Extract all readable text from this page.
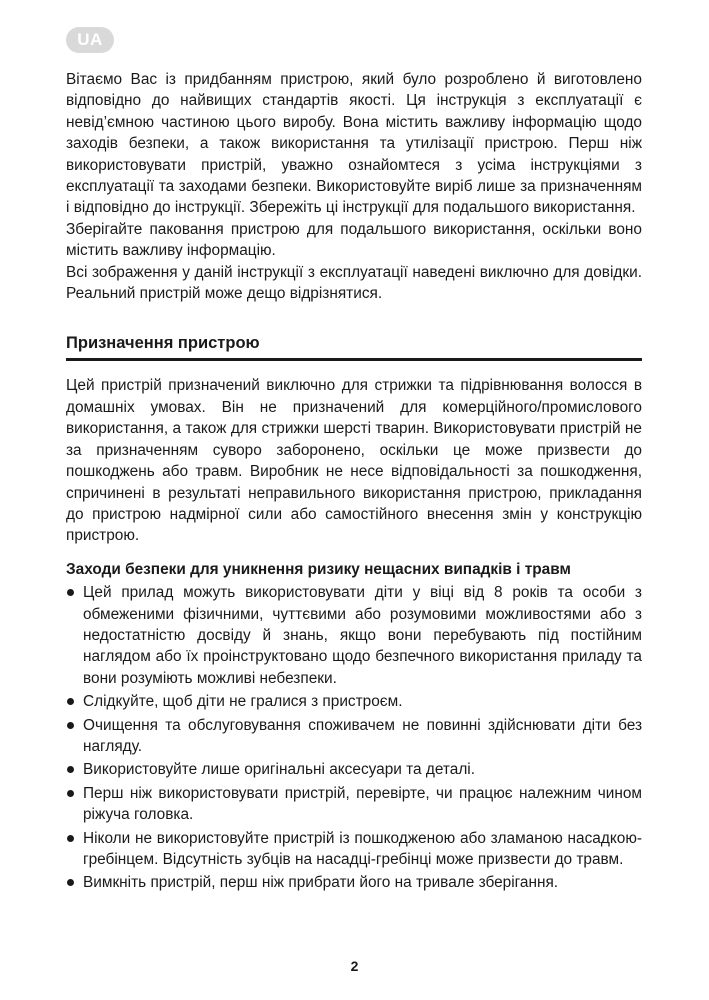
UA

Вітаємо Вас із придбанням пристрою, який було розроблено й виготовлено відповідно до найвищих стандартів якості. Ця інструкція з експлуатації є невід’ємною частиною цього виробу. Вона містить важливу інформацію щодо заходів безпеки, а також використання та утилізації пристрою. Перш ніж використовувати пристрій, уважно ознайомтеся з усіма інструкціями з експлуатації та заходами безпеки. Використовуйте виріб лише за призначенням і відповідно до інструкції. Збережіть ці інструкції для подальшого використання.

Зберігайте паковання пристрою для подальшого використання, оскільки воно містить важливу інформацію.

Всі зображення у даній інструкції з експлуатації наведені виключно для довідки. Реальний пристрій може дещо відрізнятися.

Призначення пристрою

Цей пристрій призначений виключно для стрижки та підрівнювання волосся в домашніх умовах. Він не призначений для комерційного/промислового використання, а також для стрижки шерсті тварин. Використовувати пристрій не за призначенням суворо заборонено, оскільки це може призвести до пошкоджень або травм. Виробник не несе відповідальності за пошкодження, спричинені в результаті неправильного використання пристрою, прикладання до пристрою надмірної сили або самостійного внесення змін у конструкцію пристрою.

Заходи безпеки для уникнення ризику нещасних випадків і травм
Цей прилад можуть використовувати діти у віці від 8 років та особи з обмеженими фізичними, чуттєвими або розумовими можливостями або з недостатністю досвіду й знань, якщо вони перебувають під постійним наглядом або їх проінструктовано щодо безпечного використання приладу та вони розуміють можливі небезпеки.
Слідкуйте, щоб діти не гралися з пристроєм.
Очищення та обслуговування споживачем не повинні здійснювати діти без нагляду.
Використовуйте лише оригінальні аксесуари та деталі.
Перш ніж використовувати пристрій, перевірте, чи працює належним чином ріжуча головка.
Ніколи не використовуйте пристрій із пошкодженою або зламаною насадкою-гребінцем. Відсутність зубців на насадці-гребінці може призвести до травм.
Вимкніть пристрій, перш ніж прибрати його на тривале зберігання.
2
